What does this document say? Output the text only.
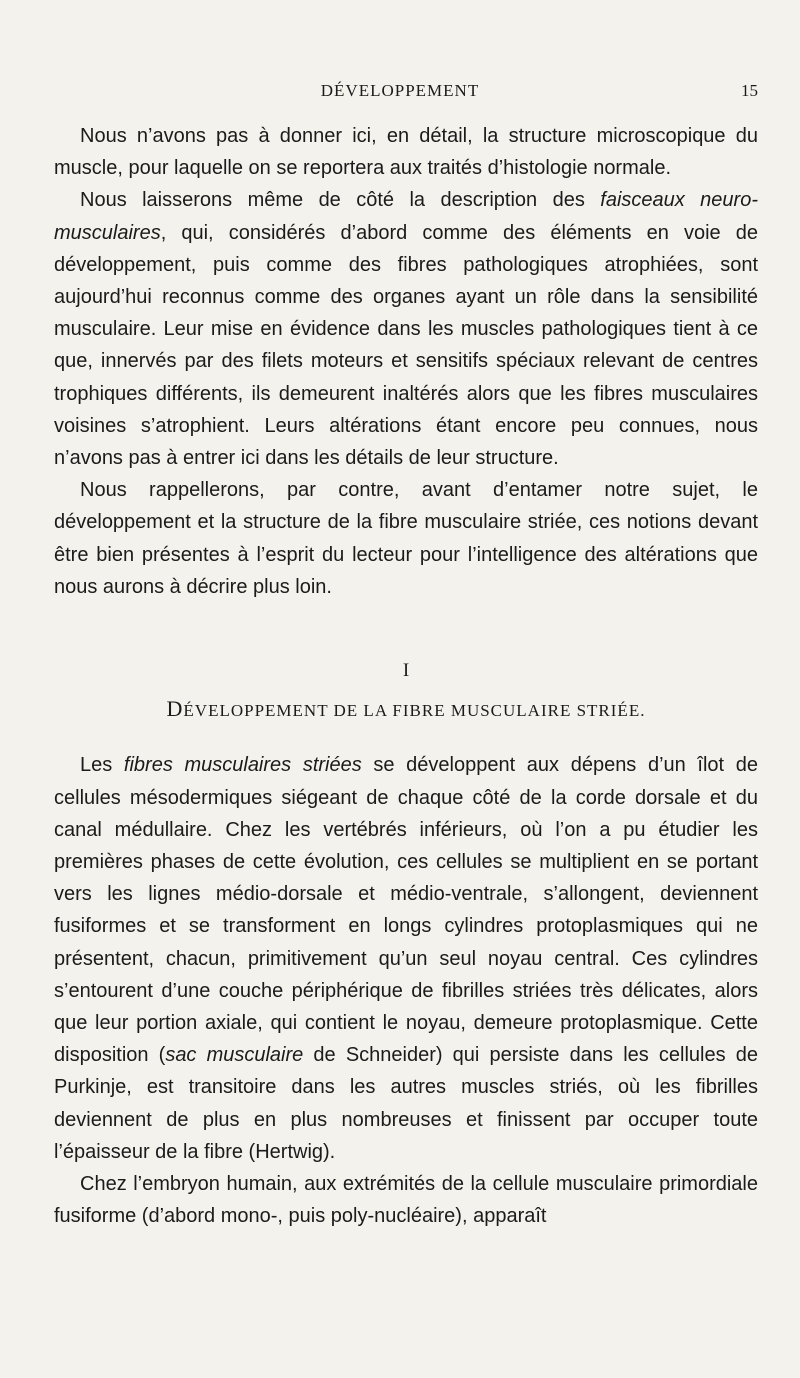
DÉVELOPPEMENT	15

Nous n’avons pas à donner ici, en détail, la structure microscopique du muscle, pour laquelle on se reportera aux traités d’histologie normale.

Nous laisserons même de côté la description des faisceaux neuro-musculaires, qui, considérés d’abord comme des éléments en voie de développement, puis comme des fibres pathologiques atrophiées, sont aujourd’hui reconnus comme des organes ayant un rôle dans la sensibilité musculaire. Leur mise en évidence dans les muscles pathologiques tient à ce que, innervés par des filets moteurs et sensitifs spéciaux relevant de centres trophiques différents, ils demeurent inaltérés alors que les fibres musculaires voisines s’atrophient. Leurs altérations étant encore peu connues, nous n’avons pas à entrer ici dans les détails de leur structure.

Nous rappellerons, par contre, avant d’entamer notre sujet, le développement et la structure de la fibre musculaire striée, ces notions devant être bien présentes à l’esprit du lecteur pour l’intelligence des altérations que nous aurons à décrire plus loin.

I
DÉVELOPPEMENT DE LA FIBRE MUSCULAIRE STRIÉE.

Les fibres musculaires striées se développent aux dépens d’un îlot de cellules mésodermiques siégeant de chaque côté de la corde dorsale et du canal médullaire. Chez les vertébrés inférieurs, où l’on a pu étudier les premières phases de cette évolution, ces cellules se multiplient en se portant vers les lignes médio-dorsale et médio-ventrale, s’allongent, deviennent fusiformes et se transforment en longs cylindres protoplasmiques qui ne présentent, chacun, primitivement qu’un seul noyau central. Ces cylindres s’entourent d’une couche périphérique de fibrilles striées très délicates, alors que leur portion axiale, qui contient le noyau, demeure protoplasmique. Cette disposition (sac musculaire de Schneider) qui persiste dans les cellules de Purkinje, est transitoire dans les autres muscles striés, où les fibrilles deviennent de plus en plus nombreuses et finissent par occuper toute l’épaisseur de la fibre (Hertwig).

Chez l’embryon humain, aux extrémités de la cellule musculaire primordiale fusiforme (d’abord mono-, puis poly-nucléaire), apparaît
